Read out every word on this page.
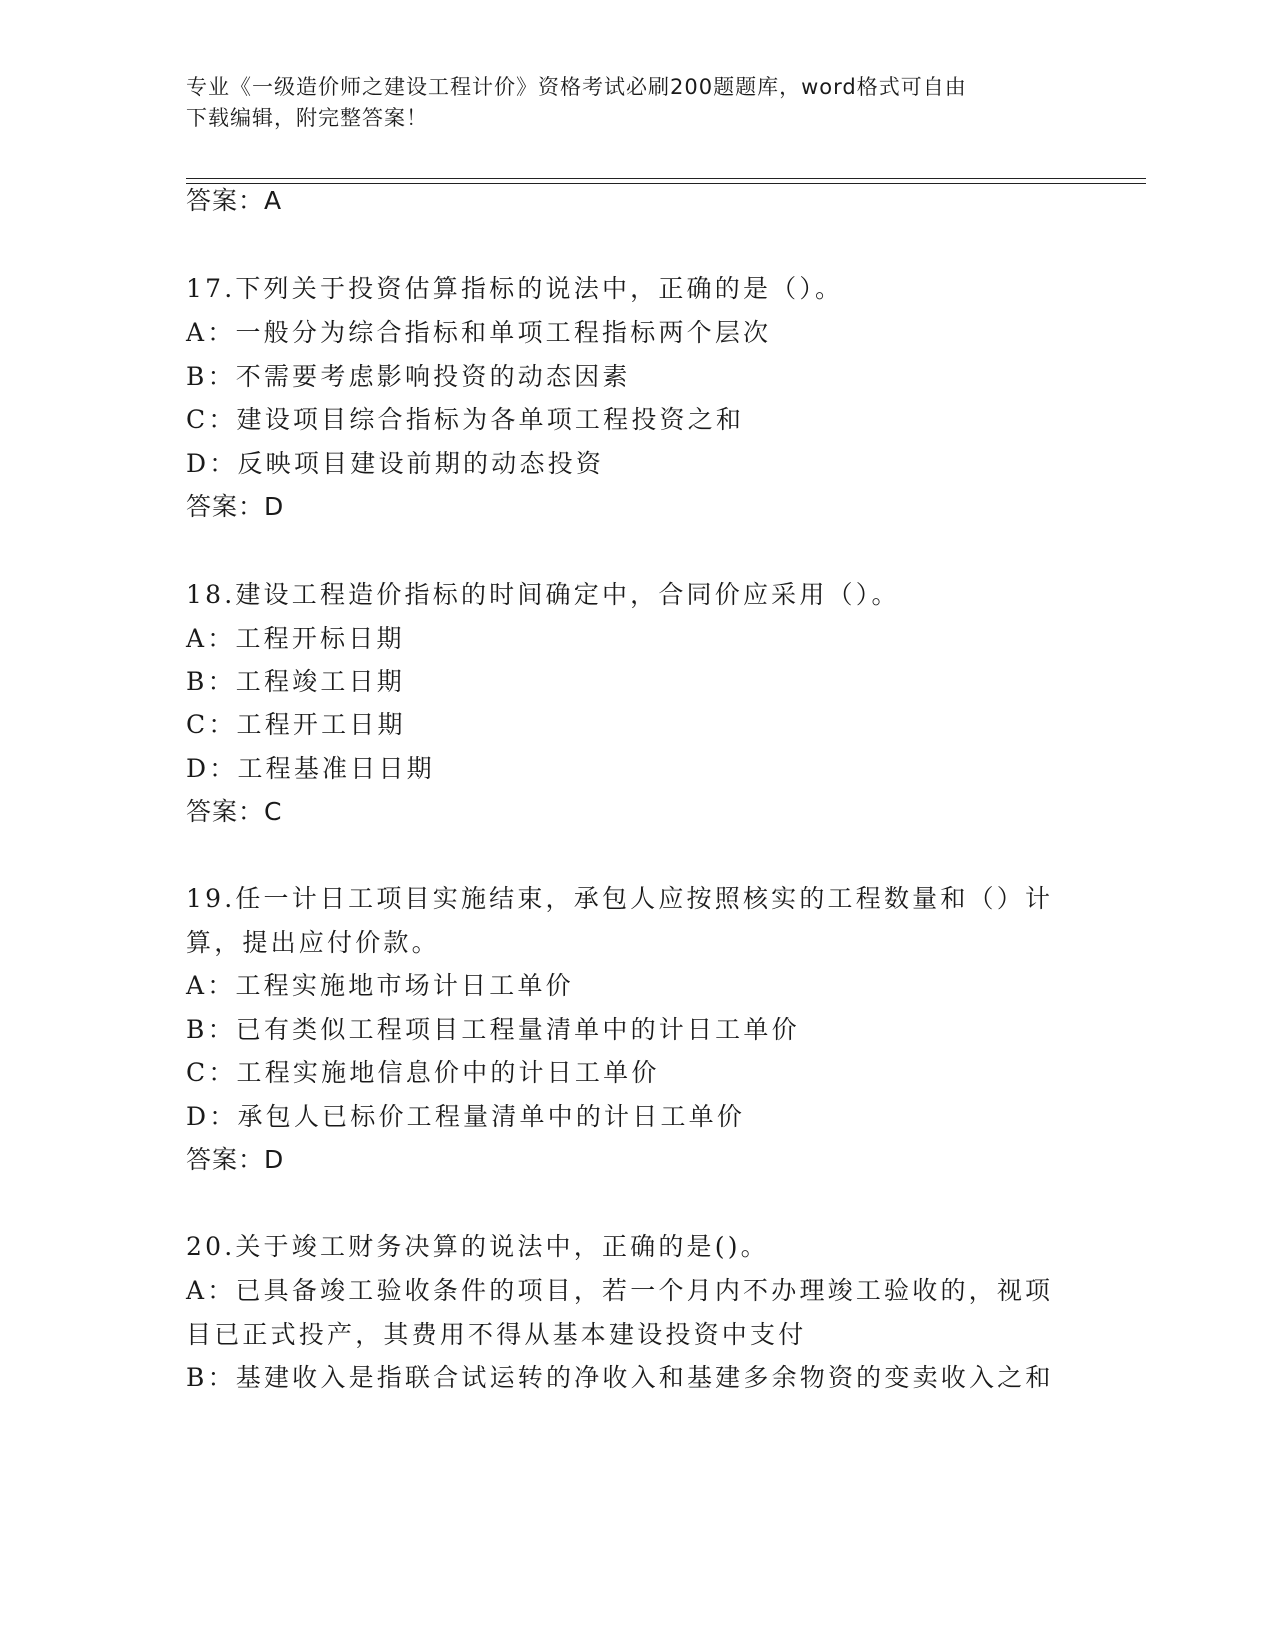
专业《一级造价师之建设工程计价》资格考试必刷200题题库，word格式可自由
下载编辑，附完整答案！
答案：A
17.下列关于投资估算指标的说法中，正确的是（）。
A：一般分为综合指标和单项工程指标两个层次
B：不需要考虑影响投资的动态因素
C：建设项目综合指标为各单项工程投资之和
D：反映项目建设前期的动态投资
答案：D
18.建设工程造价指标的时间确定中，合同价应采用（）。
A：工程开标日期
B：工程竣工日期
C：工程开工日期
D：工程基准日日期
答案：C
19.任一计日工项目实施结束，承包人应按照核实的工程数量和（）计
算，提出应付价款。
A：工程实施地市场计日工单价
B：已有类似工程项目工程量清单中的计日工单价
C：工程实施地信息价中的计日工单价
D：承包人已标价工程量清单中的计日工单价
答案：D
20.关于竣工财务决算的说法中，正确的是()。
A：已具备竣工验收条件的项目，若一个月内不办理竣工验收的，视项
目已正式投产，其费用不得从基本建设投资中支付
B：基建收入是指联合试运转的净收入和基建多余物资的变卖收入之和
